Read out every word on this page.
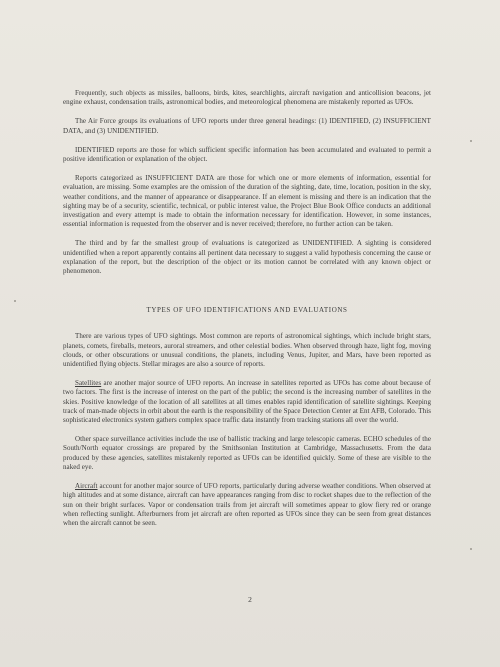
Frequently, such objects as missiles, balloons, birds, kites, searchlights, aircraft navigation and anticollision beacons, jet engine exhaust, condensation trails, astronomical bodies, and meteorological phenomena are mistakenly reported as UFOs.

The Air Force groups its evaluations of UFO reports under three general headings: (1) IDENTIFIED, (2) INSUFFICIENT DATA, and (3) UNIDENTIFIED.

IDENTIFIED reports are those for which sufficient specific information has been accumulated and evaluated to permit a positive identification or explanation of the object.

Reports categorized as INSUFFICIENT DATA are those for which one or more elements of information, essential for evaluation, are missing. Some examples are the omission of the duration of the sighting, date, time, location, position in the sky, weather conditions, and the manner of appearance or disappearance. If an element is missing and there is an indication that the sighting may be of a security, scientific, technical, or public interest value, the Project Blue Book Office conducts an additional investigation and every attempt is made to obtain the information necessary for identification. However, in some instances, essential information is requested from the observer and is never received; therefore, no further action can be taken.

The third and by far the smallest group of evaluations is categorized as UNIDENTIFIED. A sighting is considered unidentified when a report apparently contains all pertinent data necessary to suggest a valid hypothesis concerning the cause or explanation of the report, but the description of the object or its motion cannot be correlated with any known object or phenomenon.

TYPES OF UFO IDENTIFICATIONS AND EVALUATIONS

There are various types of UFO sightings. Most common are reports of astronomical sightings, which include bright stars, planets, comets, fireballs, meteors, auroral streamers, and other celestial bodies. When observed through haze, light fog, moving clouds, or other obscurations or unusual conditions, the planets, including Venus, Jupiter, and Mars, have been reported as unidentified flying objects. Stellar mirages are also a source of reports.

Satellites are another major source of UFO reports. An increase in satellites reported as UFOs has come about because of two factors. The first is the increase of interest on the part of the public; the second is the increasing number of satellites in the skies. Positive knowledge of the location of all satellites at all times enables rapid identification of satellite sightings. Keeping track of man-made objects in orbit about the earth is the responsibility of the Space Detection Center at Ent AFB, Colorado. This sophisticated electronics system gathers complex space traffic data instantly from tracking stations all over the world.

Other space surveillance activities include the use of ballistic tracking and large telescopic cameras. ECHO schedules of the South/North equator crossings are prepared by the Smithsonian Institution at Cambridge, Massachusetts. From the data produced by these agencies, satellites mistakenly reported as UFOs can be identified quickly. Some of these are visible to the naked eye.

Aircraft account for another major source of UFO reports, particularly during adverse weather conditions. When observed at high altitudes and at some distance, aircraft can have appearances ranging from disc to rocket shapes due to the reflection of the sun on their bright surfaces. Vapor or condensation trails from jet aircraft will sometimes appear to glow fiery red or orange when reflecting sunlight. Afterburners from jet aircraft are often reported as UFOs since they can be seen from great distances when the aircraft cannot be seen.

2
